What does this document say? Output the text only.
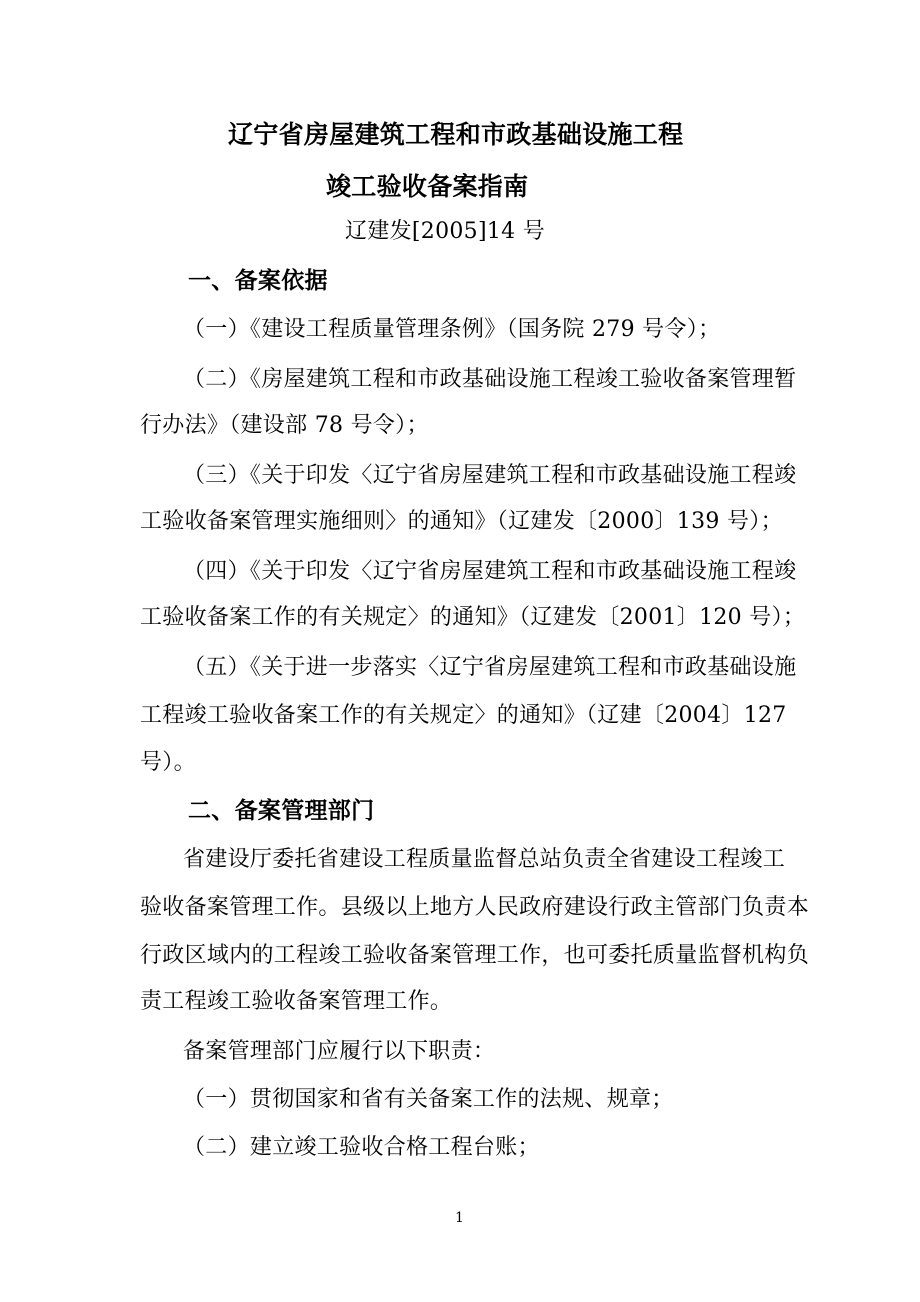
辽宁省房屋建筑工程和市政基础设施工程
竣工验收备案指南
辽建发[2005]14 号
一、备案依据
（一）《建设工程质量管理条例》（国务院 279 号令）；
（二）《房屋建筑工程和市政基础设施工程竣工验收备案管理暂
行办法》（建设部 78 号令）；
（三）《关于印发〈辽宁省房屋建筑工程和市政基础设施工程竣
工验收备案管理实施细则〉的通知》（辽建发〔2000〕139 号）；
（四）《关于印发〈辽宁省房屋建筑工程和市政基础设施工程竣
工验收备案工作的有关规定〉的通知》（辽建发〔2001〕120 号）；
（五）《关于进一步落实〈辽宁省房屋建筑工程和市政基础设施
工程竣工验收备案工作的有关规定〉的通知》（辽建〔2004〕127
号）。
二、备案管理部门
省建设厅委托省建设工程质量监督总站负责全省建设工程竣工
验收备案管理工作。县级以上地方人民政府建设行政主管部门负责本
行政区域内的工程竣工验收备案管理工作，也可委托质量监督机构负
责工程竣工验收备案管理工作。
备案管理部门应履行以下职责：
（一）贯彻国家和省有关备案工作的法规、规章；
（二）建立竣工验收合格工程台账；
1
